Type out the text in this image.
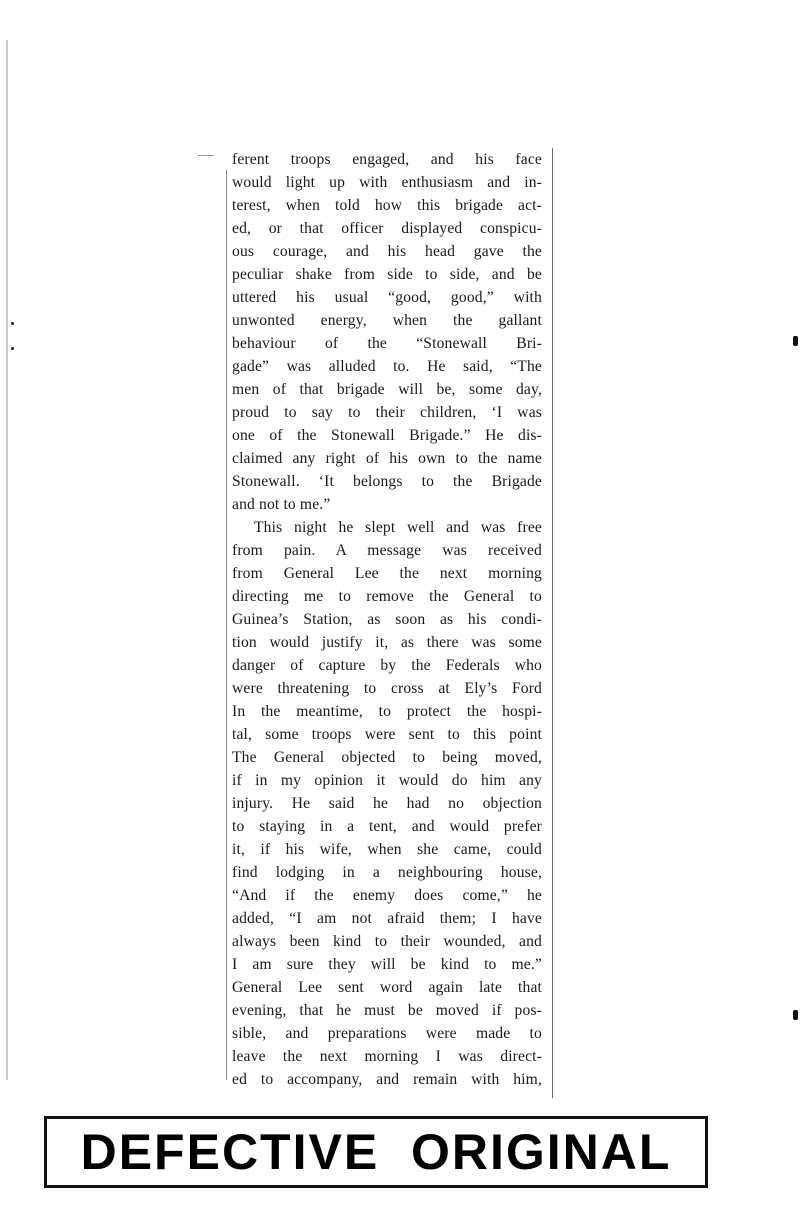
ferent troops engaged, and his face
would light up with enthusiasm and in-
terest, when told how this brigade act-
ed, or that officer displayed conspicu-
ous courage, and his head gave the
peculiar shake from side to side, and be
uttered his usual “good, good,” with
unwonted energy, when the gallant
behaviour of the “Stonewall Bri-
gade” was alluded to. He said, “The
men of that brigade will be, some day,
proud to say to their children, ‘I was
one of the Stonewall Brigade.” He dis-
claimed any right of his own to the name
Stonewall. ‘It belongs to the Brigade
and not to me.”
This night he slept well and was free
from pain. A message was received
from General Lee the next morning
directing me to remove the General to
Guinea’s Station, as soon as his condi-
tion would justify it, as there was some
danger of capture by the Federals who
were threatening to cross at Ely’s Ford
In the meantime, to protect the hospi-
tal, some troops were sent to this point
The General objected to being moved,
if in my opinion it would do him any
injury. He said he had no objection
to staying in a tent, and would prefer
it, if his wife, when she came, could
find lodging in a neighbouring house,
“And if the enemy does come,” he
added, “I am not afraid them; I have
always been kind to their wounded, and
I am sure they will be kind to me.”
General Lee sent word again late that
evening, that he must be moved if pos-
sible, and preparations were made to
leave the next morning I was direct-
ed to accompany, and remain with him,
DEFECTIVE  ORIGINAL
